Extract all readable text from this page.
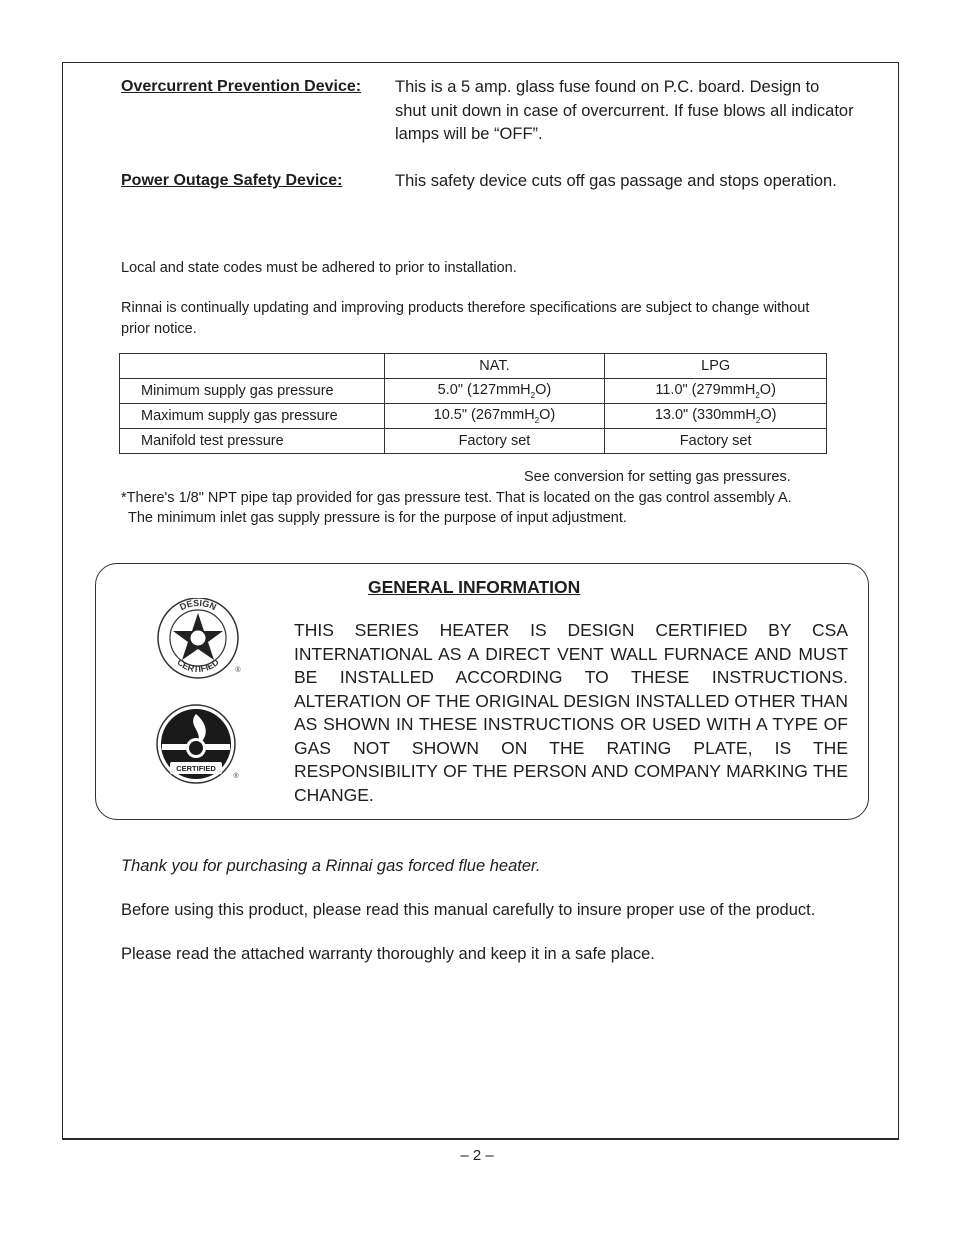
Overcurrent Prevention Device: This is a 5 amp. glass fuse found on P.C. board. Design to shut unit down in case of overcurrent. If fuse blows all indicator lamps will be “OFF”.
Power Outage Safety Device:	This safety device cuts off gas passage and stops operation.
Local and state codes must be adhered to prior to installation.
Rinnai is continually updating and improving products therefore specifications are subject to change without prior notice.
	NAT.	LPG
Minimum supply gas pressure	5.0" (127mmH$_2$O)	11.0" (279mmH$_2$O)
Maximum supply gas pressure	10.5" (267mmH$_2$O)	13.0" (330mmH$_2$O)
Manifold test pressure	Factory set	Factory set
See conversion for setting gas pressures.
*There's 1/8" NPT pipe tap provided for gas pressure test. That is located on the gas control assembly A.
The minimum inlet gas supply pressure is for the purpose of input adjustment.
GENERAL INFORMATION
THIS SERIES HEATER IS DESIGN CERTIFIED BY CSA INTERNATIONAL AS A DIRECT VENT WALL FURNACE AND MUST BE INSTALLED ACCORDING TO THESE INSTRUCTIONS. ALTERATION OF THE ORIGINAL DESIGN INSTALLED OTHER THAN AS SHOWN IN THESE INSTRUCTIONS OR USED WITH A TYPE OF GAS NOT SHOWN ON THE RATING PLATE, IS THE RESPONSIBILITY OF THE PERSON AND COMPANY MARKING THE CHANGE.
DESIGN
CERTIFIED
®
CERTIFIED
®
Thank you for purchasing a Rinnai gas forced flue heater.
Before using this product, please read this manual carefully to insure proper use of the product.
Please read the attached warranty thoroughly and keep it in a safe place.
– 2 –
